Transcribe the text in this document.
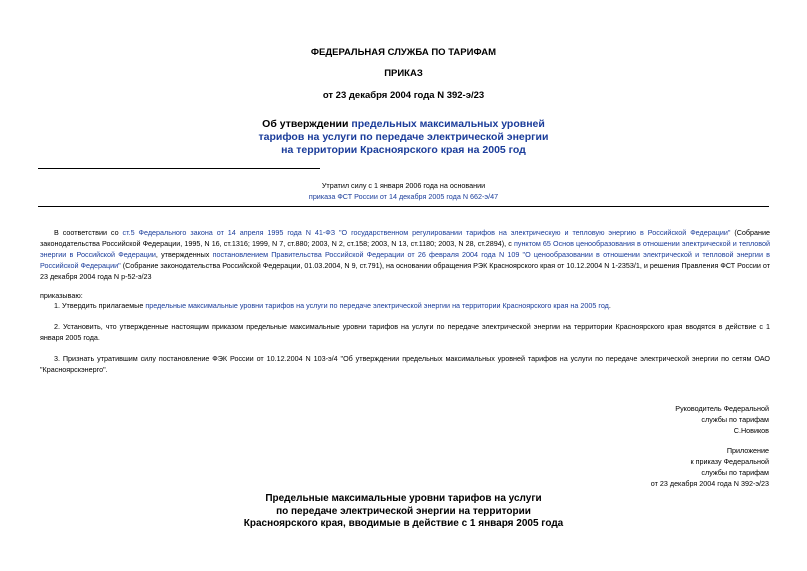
ФЕДЕРАЛЬНАЯ СЛУЖБА ПО ТАРИФАМ
ПРИКАЗ
от 23 декабря 2004 года N 392-э/23
Об утверждении предельных максимальных уровней
тарифов на услуги по передаче электрической энергии
на территории Красноярского края на 2005 год
Утратил силу с 1 января 2006 года на основании
приказа ФСТ России от 14 декабря 2005 года N 662-э/47

В соответствии со ст.5 Федерального закона от 14 апреля 1995 года N 41-ФЗ "О государственном регулировании тарифов на электрическую и тепловую энергию в Российской Федерации" (Собрание законодательства Российской Федерации, 1995, N 16, ст.1316; 1999, N 7, ст.880; 2003, N 2, ст.158; 2003, N 13, ст.1180; 2003, N 28, ст.2894), с пунктом 65 Основ ценообразования в отношении электрической и тепловой энергии в Российской Федерации, утвержденных постановлением Правительства Российской Федерации от 26 февраля 2004 года N 109 "О ценообразовании в отношении электрической и тепловой энергии в Российской Федерации" (Собрание законодательства Российской Федерации, 01.03.2004, N 9, ст.791), на основании обращения РЭК Красноярского края от 10.12.2004 N 1-2353/1, и решения Правления ФСТ России от 23 декабря 2004 года N р-52-э/23

приказываю:

1. Утвердить прилагаемые предельные максимальные уровни тарифов на услуги по передаче электрической энергии на территории Красноярского края на 2005 год.

2. Установить, что утвержденные настоящим приказом предельные максимальные уровни тарифов на услуги по передаче электрической энергии на территории Красноярского края вводятся в действие с 1 января 2005 года.

3. Признать утратившим силу постановление ФЭК России от 10.12.2004 N 103-э/4 "Об утверждении предельных максимальных уровней тарифов на услуги по передаче электрической энергии по сетям ОАО "Красноярскэнерго".

Руководитель Федеральной
службы по тарифам
С.Новиков
Приложение
к приказу Федеральной
службы по тарифам
от 23 декабря 2004 года N 392-э/23
Предельные максимальные уровни тарифов на услуги
по передаче электрической энергии на территории
Красноярского края, вводимые в действие с 1 января 2005 года
